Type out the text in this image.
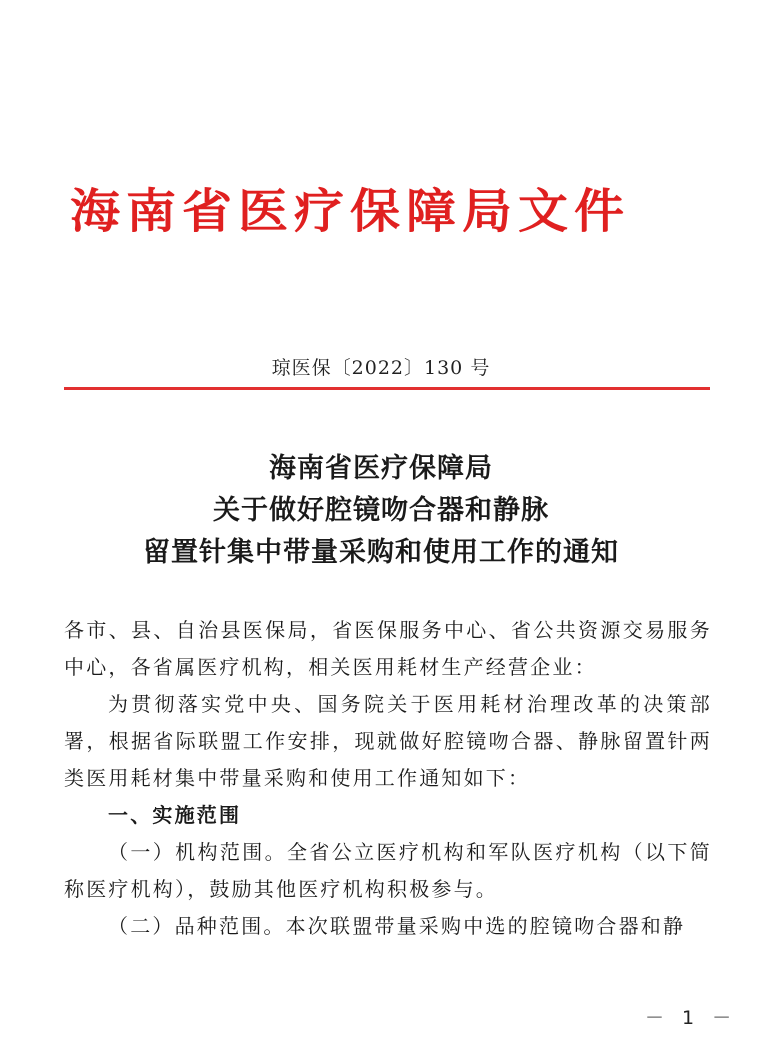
海南省医疗保障局文件
琼医保〔2022〕130 号
海南省医疗保障局
关于做好腔镜吻合器和静脉
留置针集中带量采购和使用工作的通知

各市、县、自治县医保局，省医保服务中心、省公共资源交易服务中心，各省属医疗机构，相关医用耗材生产经营企业：

为贯彻落实党中央、国务院关于医用耗材治理改革的决策部署，根据省际联盟工作安排，现就做好腔镜吻合器、静脉留置针两类医用耗材集中带量采购和使用工作通知如下：

一、实施范围

（一）机构范围。全省公立医疗机构和军队医疗机构（以下简称医疗机构），鼓励其他医疗机构积极参与。

（二）品种范围。本次联盟带量采购中选的腔镜吻合器和静

－ 1 －
